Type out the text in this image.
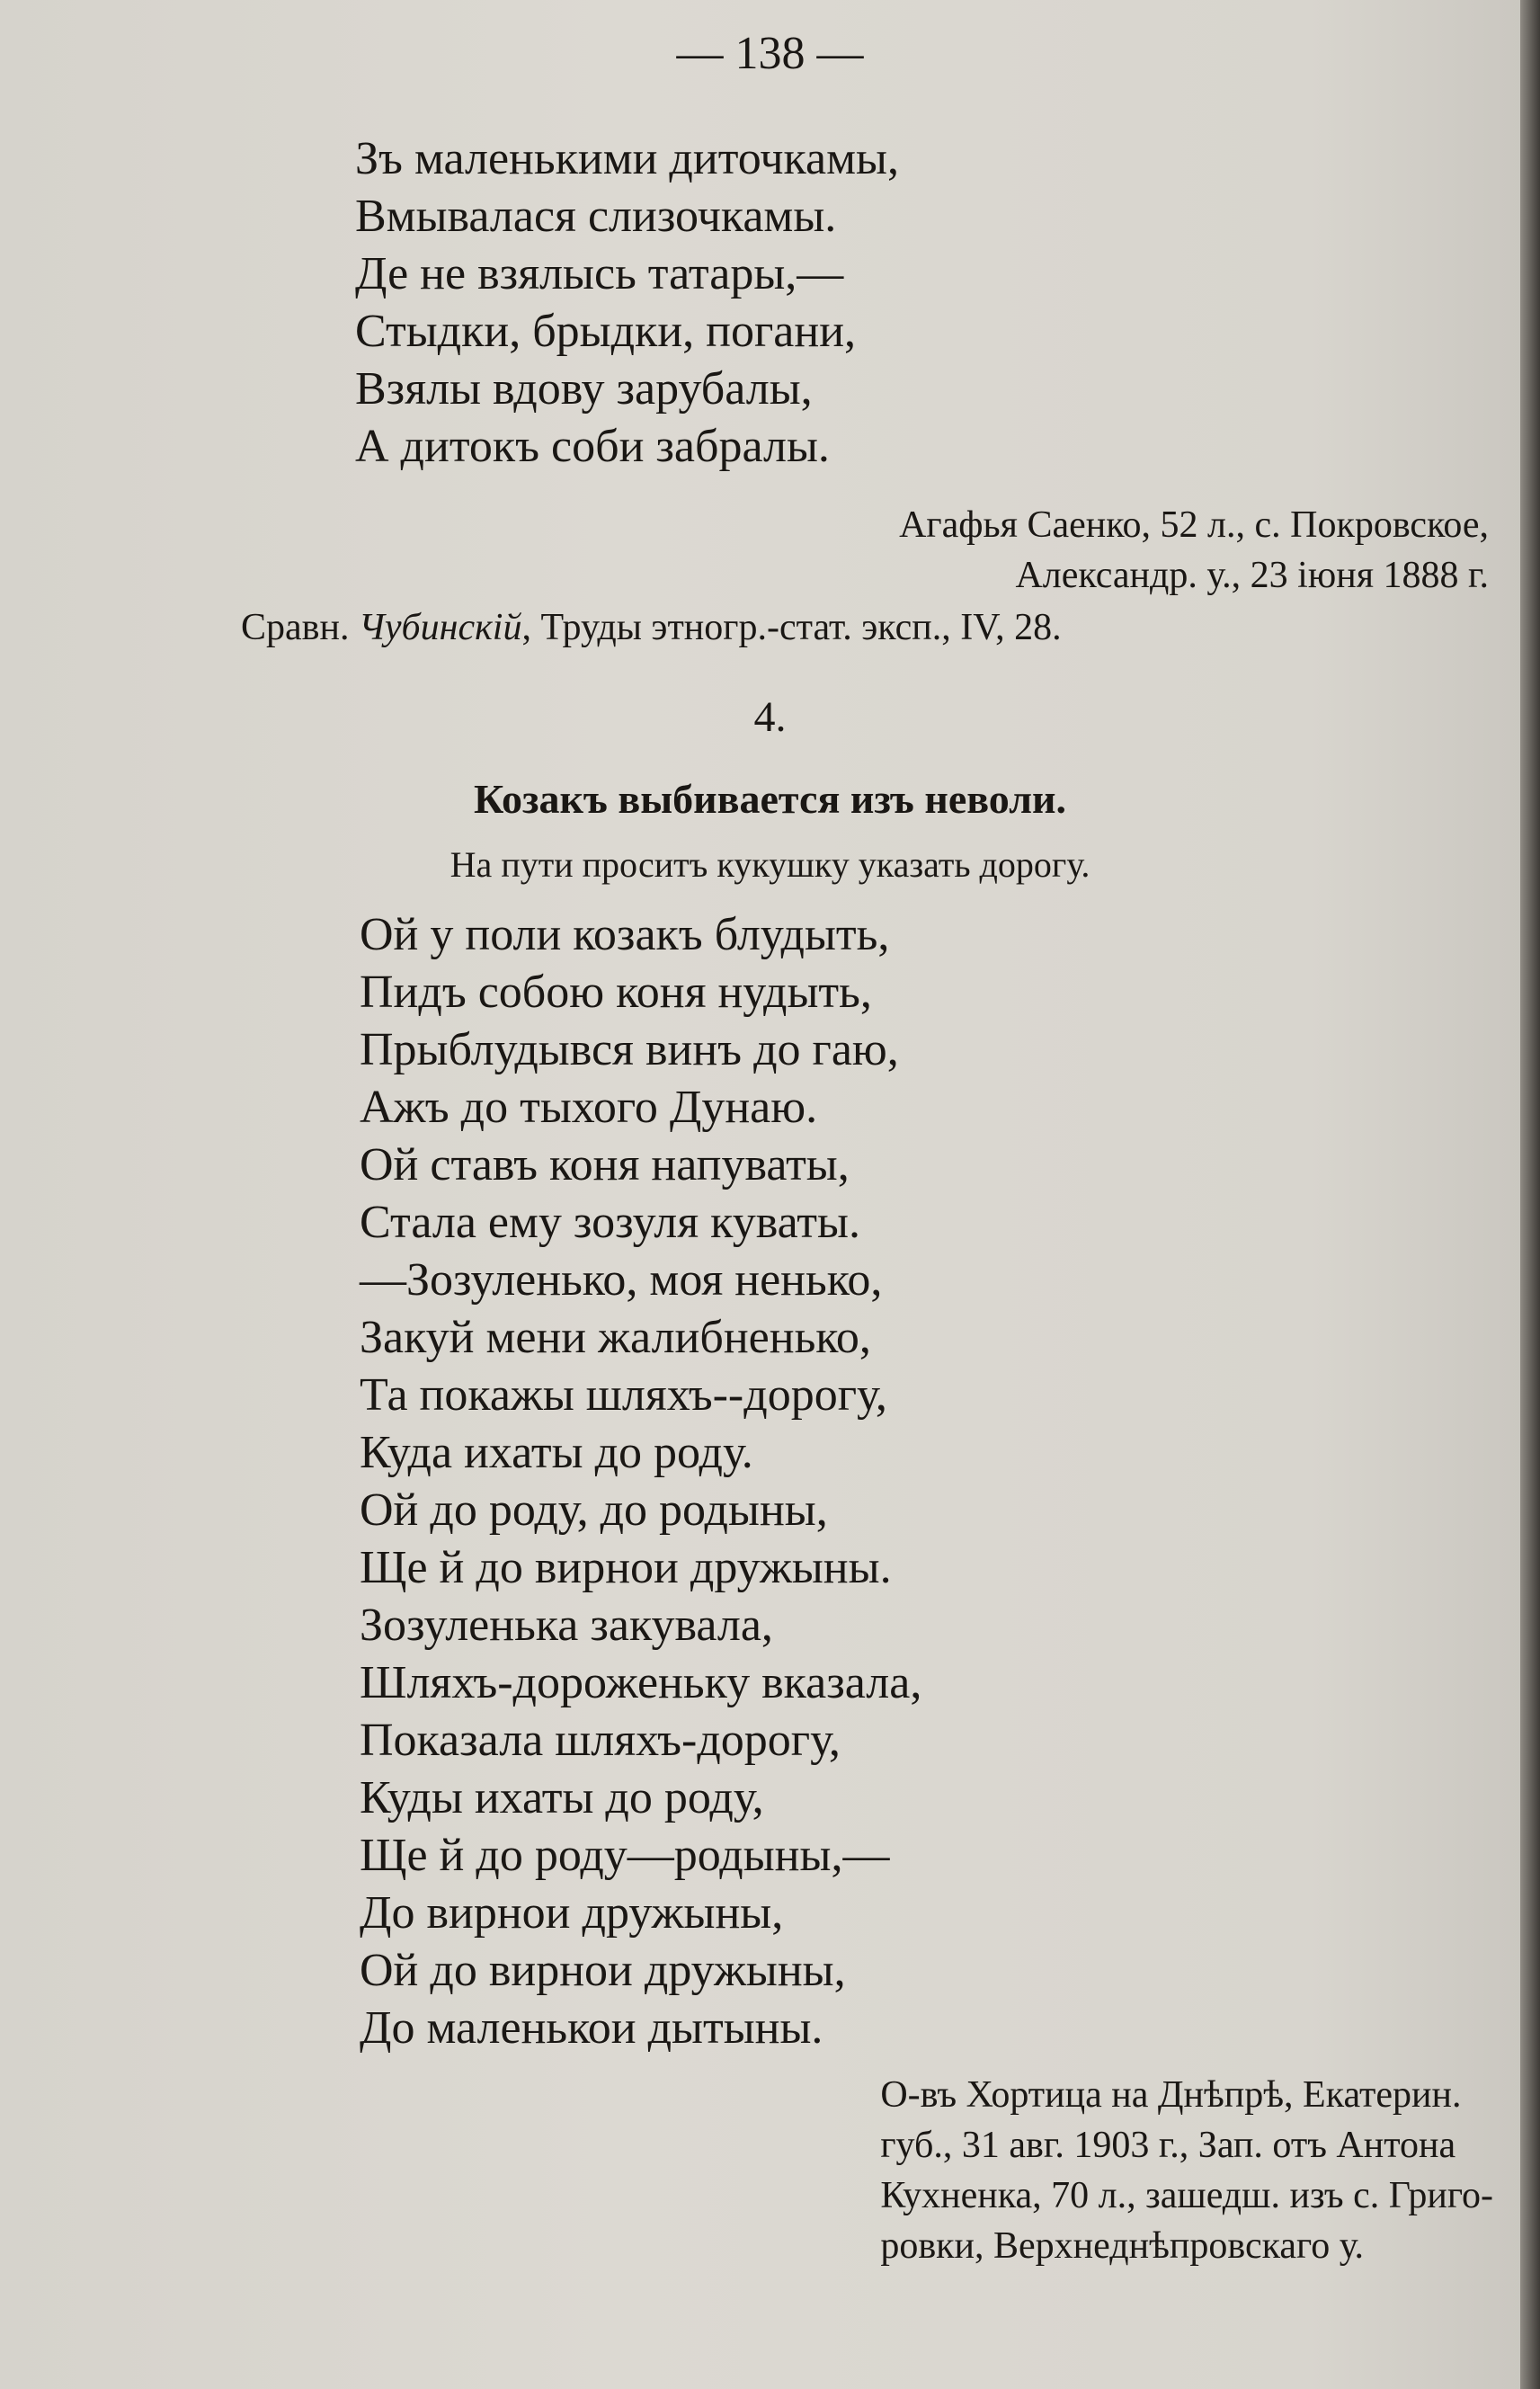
— 138 —
Зъ маленькими диточкамы,
Вмывалася слизочкамы.
Де не взялысь татары,—
Стыдки, брыдки, погани,
Взялы вдову зарубалы,
А дитокъ соби забралы.
Агафья Саенко, 52 л., с. Покровское,
Александр. у., 23 іюня 1888 г.
Сравн. Чубинскій, Труды этногр.-стат. эксп., IV, 28.
4.
Козакъ выбивается изъ неволи.
На пути проситъ кукушку указать дорогу.
Ой у поли козакъ блудыть,
Пидъ собою коня нудыть,
Прыблудывся винъ до гаю,
Ажъ до тыхого Дунаю.
Ой ставъ коня напуваты,
Стала ему зозуля куваты.
—Зозуленько, моя ненько,
Закуй мени жалибненько,
Та покажы шляхъ--дорогу,
Куда ихаты до роду.
Ой до роду, до родыны,
Ще й до вирнои дружыны.
Зозуленька закувала,
Шляхъ-дороженьку вказала,
Показала шляхъ-дорогу,
Куды ихаты до роду,
Ще й до роду—родыны,—
До вирнои дружыны,
Ой до вирнои дружыны,
До маленькои дытыны.
О-въ Хортица на Днѣпрѣ, Екатерин.
губ., 31 авг. 1903 г., Зап. отъ Антона
Кухненка, 70 л., зашедш. изъ с. Григо-
ровки, Верхнеднѣпровскаго у.
